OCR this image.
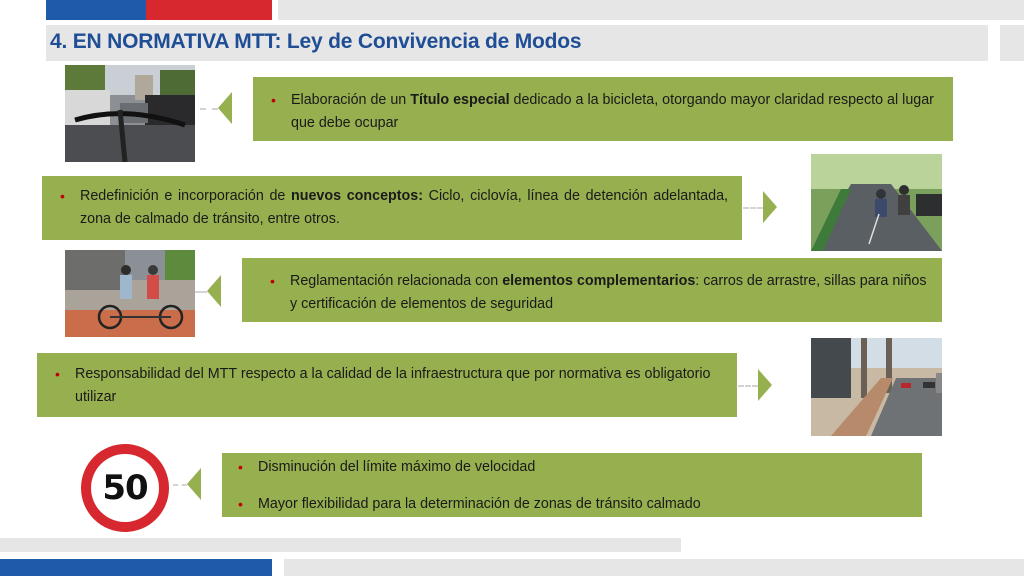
4. EN NORMATIVA MTT: Ley de Convivencia de Modos
• Elaboración de un Título especial dedicado a la bicicleta, otorgando mayor claridad respecto al lugar que debe ocupar
• Redefinición e incorporación de nuevos conceptos: Ciclo, ciclovía, línea de detención adelantada, zona de calmado de tránsito, entre otros.
• Reglamentación relacionada con elementos complementarios: carros de arrastre, sillas para niños y certificación de elementos de seguridad
• Responsabilidad del MTT respecto a la calidad de la infraestructura que por normativa es obligatorio utilizar
50
• Disminución del límite máximo de velocidad
• Mayor flexibilidad para la determinación de zonas de tránsito calmado
